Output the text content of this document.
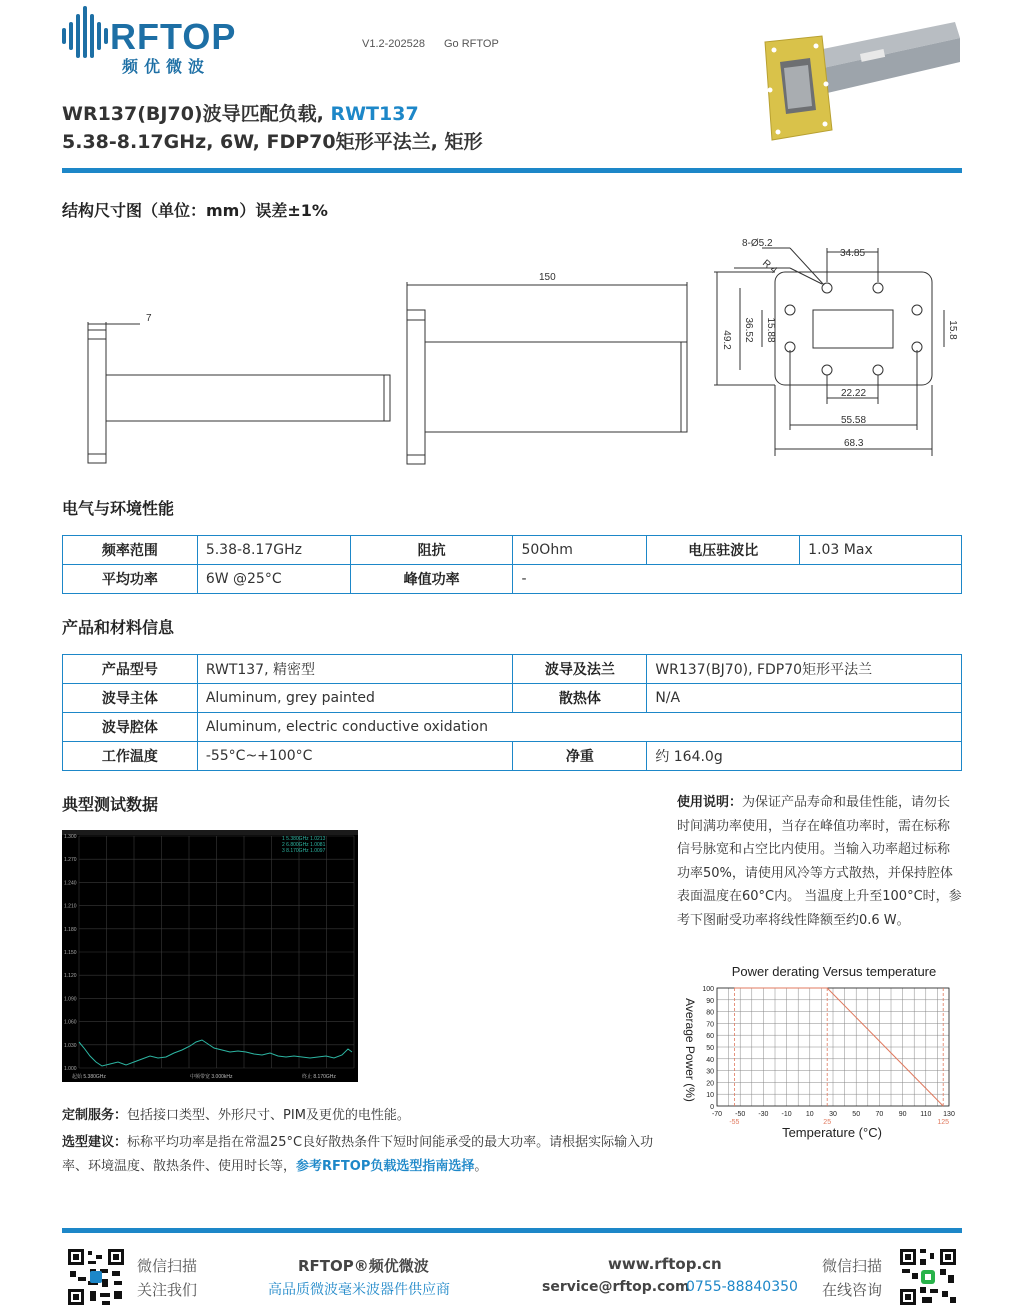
RFTOP
频优微波
V1.2-202528 Go RFTOP
WR137(BJ70)波导匹配负载, RWT137
5.38-8.17GHz, 6W, FDP70矩形平法兰, 矩形
结构尺寸图（单位：mm）误差±1%
7
150
8-Ø5.2
R 4
34.85
49.2 36.52 15.88	15.8
22.22
55.58
68.3
电气与环境性能
频率范围	5.38-8.17GHz	阻抗	50Ohm	电压驻波比	1.03 Max
平均功率	6W @25°C	峰值功率	-		
产品和材料信息
产品型号	RWT137, 精密型	波导及法兰	WR137(BJ70), FDP70矩形平法兰
波导主体	Aluminum, grey painted	散热体	N/A
波导腔体	Aluminum, electric conductive oxidation		
工作温度	-55°C~+100°C	净重	约 164.0g
典型测试数据
1.300
1.270
1.240
1.210
1.180
1.150
1.120
1.090
1.060
1.030
1.000
起始 5.380GHz	中频带宽 3.000kHz	终止 8.170GHz
1 5.380GHz 1.0213
2 6.800GHz 1.0081
3 8.170GHz 1.0097
使用说明：为保证产品寿命和最佳性能，请勿长时间满功率使用，当存在峰值功率时，需在标称信号脉宽和占空比内使用。当输入功率超过标称功率50%，请使用风冷等方式散热，并保持腔体表面温度在60°C内。 当温度上升至100°C时，参考下图耐受功率将线性降额至约0.6 W。
Power derating Versus temperature
Temperature (°C)
Average Power (%)
0
10
20
30
40
50
60
70
80
90
100
-70 -50 -30 -10 10 30 50 70 90 110 130
-55	25	125
定制服务：包括接口类型、外形尺寸、PIM及更优的电性能。
选型建议：标称平均功率是指在常温25°C良好散热条件下短时间能承受的最大功率。请根据实际输入功率、环境温度、散热条件、使用时长等，参考RFTOP负载选型指南选择。
微信扫描
关注我们
RFTOP®频优微波
高品质微波毫米波器件供应商
www.rftop.cn
service@rftop.com
0755-88840350
微信扫描
在线咨询
